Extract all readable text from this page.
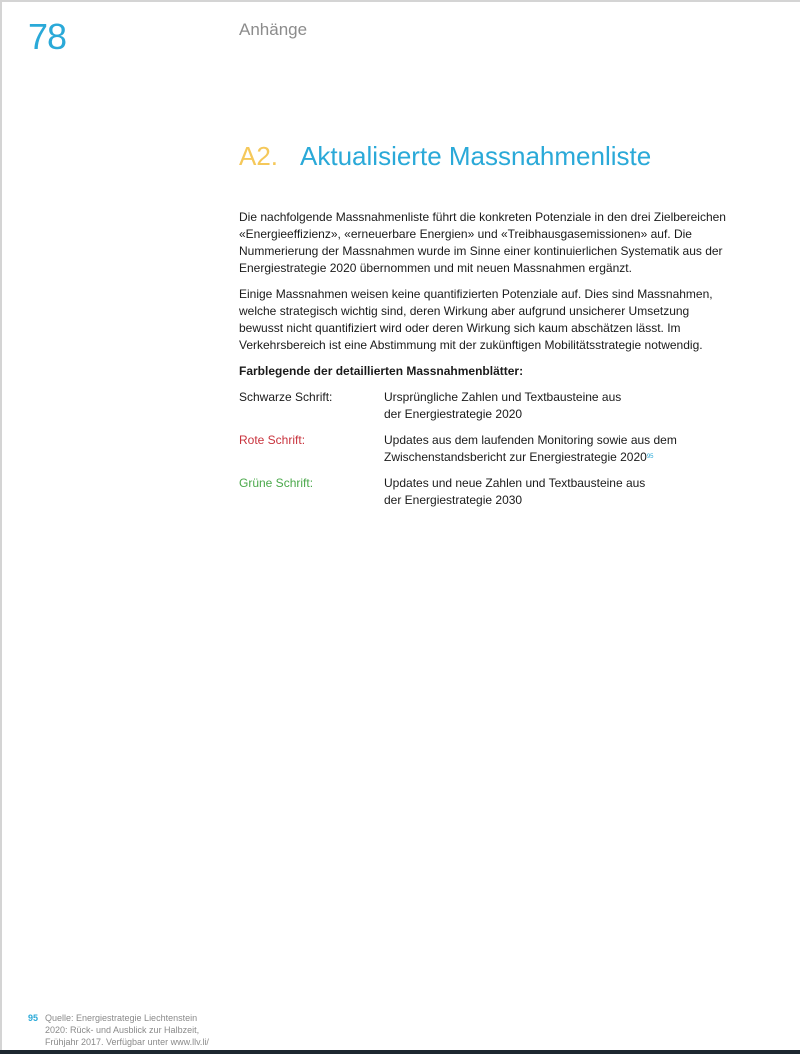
78	Anhänge
A2. Aktualisierte Massnahmenliste

Die nachfolgende Massnahmenliste führt die konkreten Potenziale in den drei Zielbereichen «Energieeffizienz», «erneuerbare Energien» und «Treibhausgasemissionen» auf. Die Nummerierung der Massnahmen wurde im Sinne einer kontinuierlichen Systematik aus der Energiestrategie 2020 übernommen und mit neuen Massnahmen ergänzt.

Einige Massnahmen weisen keine quantifizierten Potenziale auf. Dies sind Massnahmen, welche strategisch wichtig sind, deren Wirkung aber aufgrund unsicherer Umsetzung bewusst nicht quantifiziert wird oder deren Wirkung sich kaum abschätzen lässt. Im Verkehrsbereich ist eine Abstimmung mit der zukünftigen Mobilitätsstrategie notwendig.

Farblegende der detaillierten Massnahmenblätter:

Schwarze Schrift:	Ursprüngliche Zahlen und Textbausteine aus
der Energiestrategie 2020
Rote Schrift:	Updates aus dem laufenden Monitoring sowie aus dem
Zwischenstandsbericht zur Energiestrategie 2020$^{95}$
Grüne Schrift:	Updates und neue Zahlen und Textbausteine aus
der Energiestrategie 2030
95 Quelle: Energiestrategie Liechtenstein
2020: Rück- und Ausblick zur Halbzeit,
Frühjahr 2017. Verfügbar unter www.llv.li/
